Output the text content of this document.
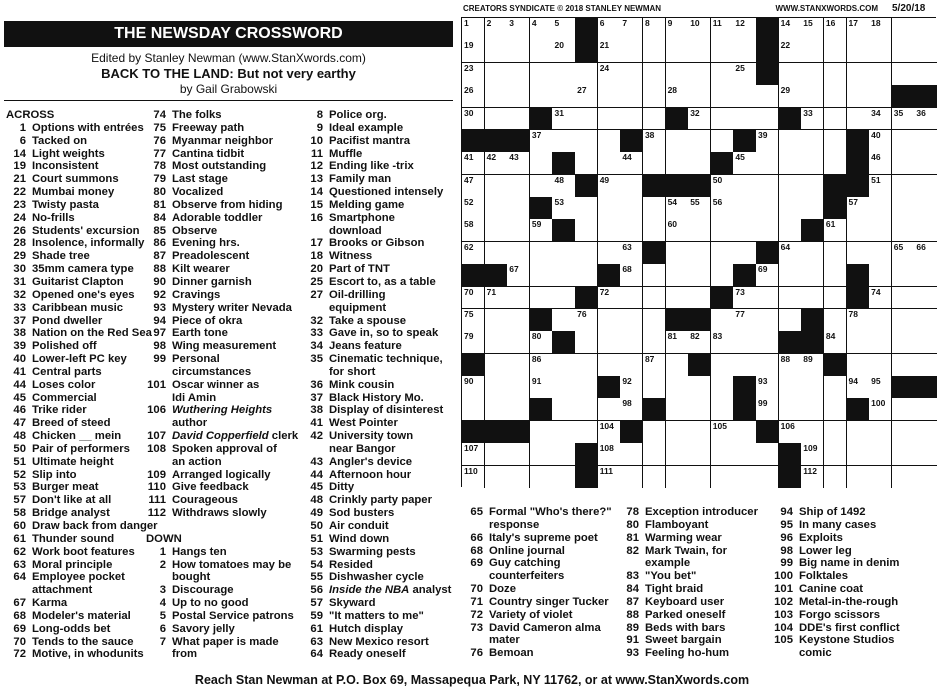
CREATORS SYNDICATE © 2018 STANLEY NEWMAN	WWW.STANXWORDS.COM 5/20/18
THE NEWSDAY CROSSWORD
Edited by Stanley Newman (www.StanXwords.com)
BACK TO THE LAND: But not very earthy
by Gail Grabowski
ACROSS
1 Options with entrées
6 Tacked on
14 Light weights
19 Inconsistent
21 Court summons
22 Mumbai money
23 Twisty pasta
24 No-frills
26 Students' excursion
28 Insolence, informally
29 Shade tree
30 35mm camera type
31 Guitarist Clapton
32 Opened one's eyes
33 Caribbean music
37 Pond dweller
38 Nation on the Red Sea
39 Polished off
40 Lower-left PC key
41 Central parts
44 Loses color
45 Commercial
46 Trike rider
47 Breed of steed
48 Chicken __ mein
50 Pair of performers
51 Ultimate height
52 Slip into
53 Burger meat
57 Don't like at all
58 Bridge analyst
60 Draw back from danger
61 Thunder sound
62 Work boot features
63 Moral principle
64 Employee pocket
attachment
67 Karma
68 Modeler's material
69 Long-odds bet
70 Tends to the sauce
72 Motive, in whodunits
74 The folks
75 Freeway path
76 Myanmar neighbor
77 Cantina tidbit
78 Most outstanding
79 Last stage
80 Vocalized
81 Observe from hiding
84 Adorable toddler
85 Observe
86 Evening hrs.
87 Preadolescent
88 Kilt wearer
90 Dinner garnish
92 Cravings
93 Mystery writer Nevada
94 Piece of okra
97 Earth tone
98 Wing measurement
99 Personal
circumstances
101 Oscar winner as
Idi Amin
106 Wuthering Heights
author
107 David Copperfield clerk
108 Spoken approval of
an action
109 Arranged logically
110 Give feedback
111 Courageous
112 Withdraws slowly
DOWN
1 Hangs ten
2 How tomatoes may be
bought
3 Discourage
4 Up to no good
5 Postal Service patrons
6 Savory jelly
7 What paper is made
from
8 Police org.
9 Ideal example
10 Pacifist mantra
11 Muffle
12 Ending like -trix
13 Family man
14 Questioned intensely
15 Melding game
16 Smartphone
download
17 Brooks or Gibson
18 Witness
20 Part of TNT
25 Escort to, as a table
27 Oil-drilling
equipment
32 Take a spouse
33 Gave in, so to speak
34 Jeans feature
35 Cinematic technique,
for short
36 Mink cousin
37 Black History Mo.
38 Display of disinterest
41 West Pointer
42 University town
near Bangor
43 Angler's device
44 Afternoon hour
45 Ditty
48 Crinkly party paper
49 Sod busters
50 Air conduit
51 Wind down
53 Swarming pests
54 Resided
55 Dishwasher cycle
56 Inside the NBA analyst
57 Skyward
59 "It matters to me"
61 Hutch display
63 New Mexico resort
64 Ready oneself
65 Formal "Who's there?"
response
66 Italy's supreme poet
68 Online journal
69 Guy catching
counterfeiters
70 Doze
71 Country singer Tucker
72 Variety of violet
73 David Cameron alma
mater
76 Bemoan
78 Exception introducer
80 Flamboyant
81 Warming wear
82 Mark Twain, for
example
83 "You bet"
84 Tight braid
87 Keyboard user
88 Parked oneself
89 Beds with bars
91 Sweet bargain
93 Feeling ho-hum
94 Ship of 1492
95 In many cases
96 Exploits
98 Lower leg
99 Big name in denim
100 Folktales
101 Canine coat
102 Metal-in-the-rough
103 Forgo scissors
104 DDE's first conflict
105 Keystone Studios
comic
1 2 3 4 5	6 7 8 9 10 11 12	14 15 16 17 18
19	20	21	22
23	24	25
26	27	28	29
30	31	32	33	34 35 36
37	38	39	40
41 42 43	44	45	46
47	48	49	50	51
52	53	54 55 56	57
58	59	60	61
62	63	64	65 66
67	68	69
70 71	72	73	74
75	76	77	78
79	80	81 82 83	84
86	87	88 89
90	91	92	93	94 95
98	99	100
104	105	106
107	108	109
110	111	112
Reach Stan Newman at P.O. Box 69, Massapequa Park, NY 11762, or at www.StanXwords.com
